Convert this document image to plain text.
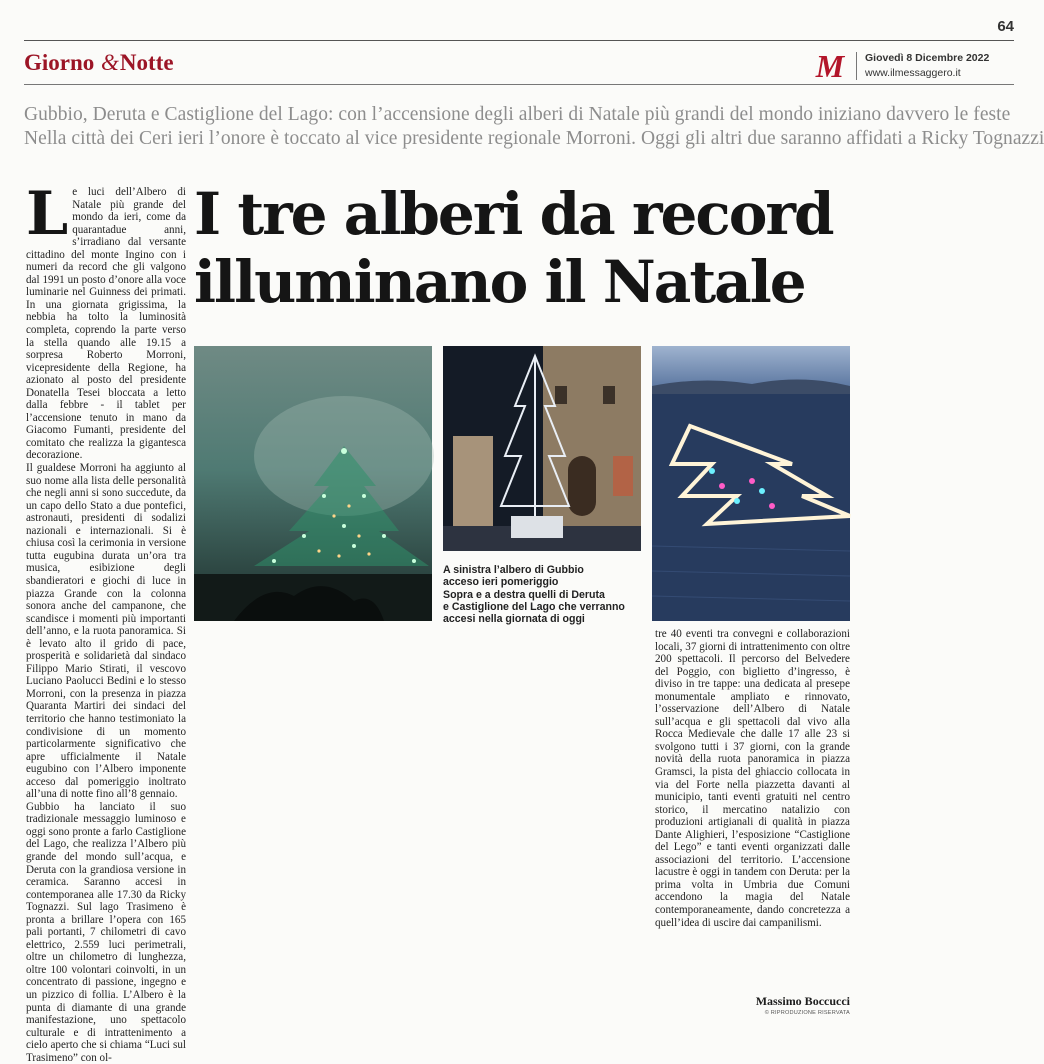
64
Giorno &Notte	M	Giovedì 8 Dicembre 2022
www.ilmessaggero.it
Gubbio, Deruta e Castiglione del Lago: con l’accensione degli alberi di Natale più grandi del mondo iniziano davvero le feste
Nella città dei Ceri ieri l’onore è toccato al vice presidente regionale Morroni. Oggi gli altri due saranno affidati a Ricky Tognazzi
I tre alberi da record
illuminano il Natale
L e luci dell’Albero di Natale più grande del mondo da ieri, come da quarantadue anni, s’irradiano dal versante cittadino del monte Ingino con i numeri da record che gli valgono dal 1991 un posto d’onore alla voce luminarie nel Guinness dei primati. In una giornata grigissima, la nebbia ha tolto la luminosità completa, coprendo la parte verso la stella quando alle 19.15 a sorpresa Roberto Morroni, vicepresidente della Regione, ha azionato al posto del presidente Donatella Tesei bloccata a letto dalla febbre - il tablet per l’accensione tenuto in mano da Giacomo Fumanti, presidente del comitato che realizza la gigantesca decorazione.

Il gualdese Morroni ha aggiunto al suo nome alla lista delle personalità che negli anni si sono succedute, da un capo dello Stato a due pontefici, astronauti, presidenti di sodalizi nazionali e internazionali. Si è chiusa così la cerimonia in versione tutta eugubina durata un’ora tra musica, esibizione degli sbandieratori e giochi di luce in piazza Grande con la colonna sonora anche del campanone, che scandisce i momenti più importanti dell’anno, e la ruota panoramica. Si è levato alto il grido di pace, prosperità e solidarietà dal sindaco Filippo Mario Stirati, il vescovo Luciano Paolucci Bedini e lo stesso Morroni, con la presenza in piazza Quaranta Martiri dei sindaci del territorio che hanno testimoniato la condivisione di un momento particolarmente significativo che apre ufficialmente il Natale eugubino con l’Albero imponente acceso dal pomeriggio inoltrato all’una di notte fino all’8 gennaio.

Gubbio ha lanciato il suo tradizionale messaggio luminoso e oggi sono pronte a farlo Castiglione del Lago, che realizza l’Albero più grande del mondo sull’acqua, e Deruta con la grandiosa versione in ceramica. Saranno accesi in contemporanea alle 17.30 da Ricky Tognazzi. Sul lago Trasimeno è pronta a brillare l’opera con 165 pali portanti, 7 chilometri di cavo elettrico, 2.559 luci perimetrali, oltre un chilometro di lunghezza, oltre 100 volontari coinvolti, in un concentrato di passione, ingegno e un pizzico di follia. L’Albero è la punta di diamante di una grande manifestazione, uno spettacolo culturale e di intrattenimento a cielo aperto che si chiama “Luci sul Trasimeno” con ol-

A sinistra l’albero di Gubbio

acceso ieri pomeriggio

Sopra e a destra quelli di Deruta

e Castiglione del Lago che verranno

accesi nella giornata di oggi

tre 40 eventi tra convegni e collaborazioni locali, 37 giorni di intrattenimento con oltre 200 spettacoli. Il percorso del Belvedere del Poggio, con biglietto d’ingresso, è diviso in tre tappe: una dedicata al presepe monumentale ampliato e rinnovato, l’osservazione dell’Albero di Natale sull’acqua e gli spettacoli dal vivo alla Rocca Medievale che dalle 17 alle 23 si svolgono tutti i 37 giorni, con la grande novità della ruota panoramica in piazza Gramsci, la pista del ghiaccio collocata in via del Forte nella piazzetta davanti al municipio, tanti eventi gratuiti nel centro storico, il mercatino natalizio con produzioni artigianali di qualità in piazza Dante Alighieri, l’esposizione “Castiglione del Lego” e tanti eventi organizzati dalle associazioni del territorio. L’accensione lacustre è oggi in tandem con Deruta: per la prima volta in Umbria due Comuni accendono la magia del Natale contemporaneamente, dando concretezza a quell’idea di uscire dai campanilismi.

Massimo Boccucci
© RIPRODUZIONE RISERVATA
